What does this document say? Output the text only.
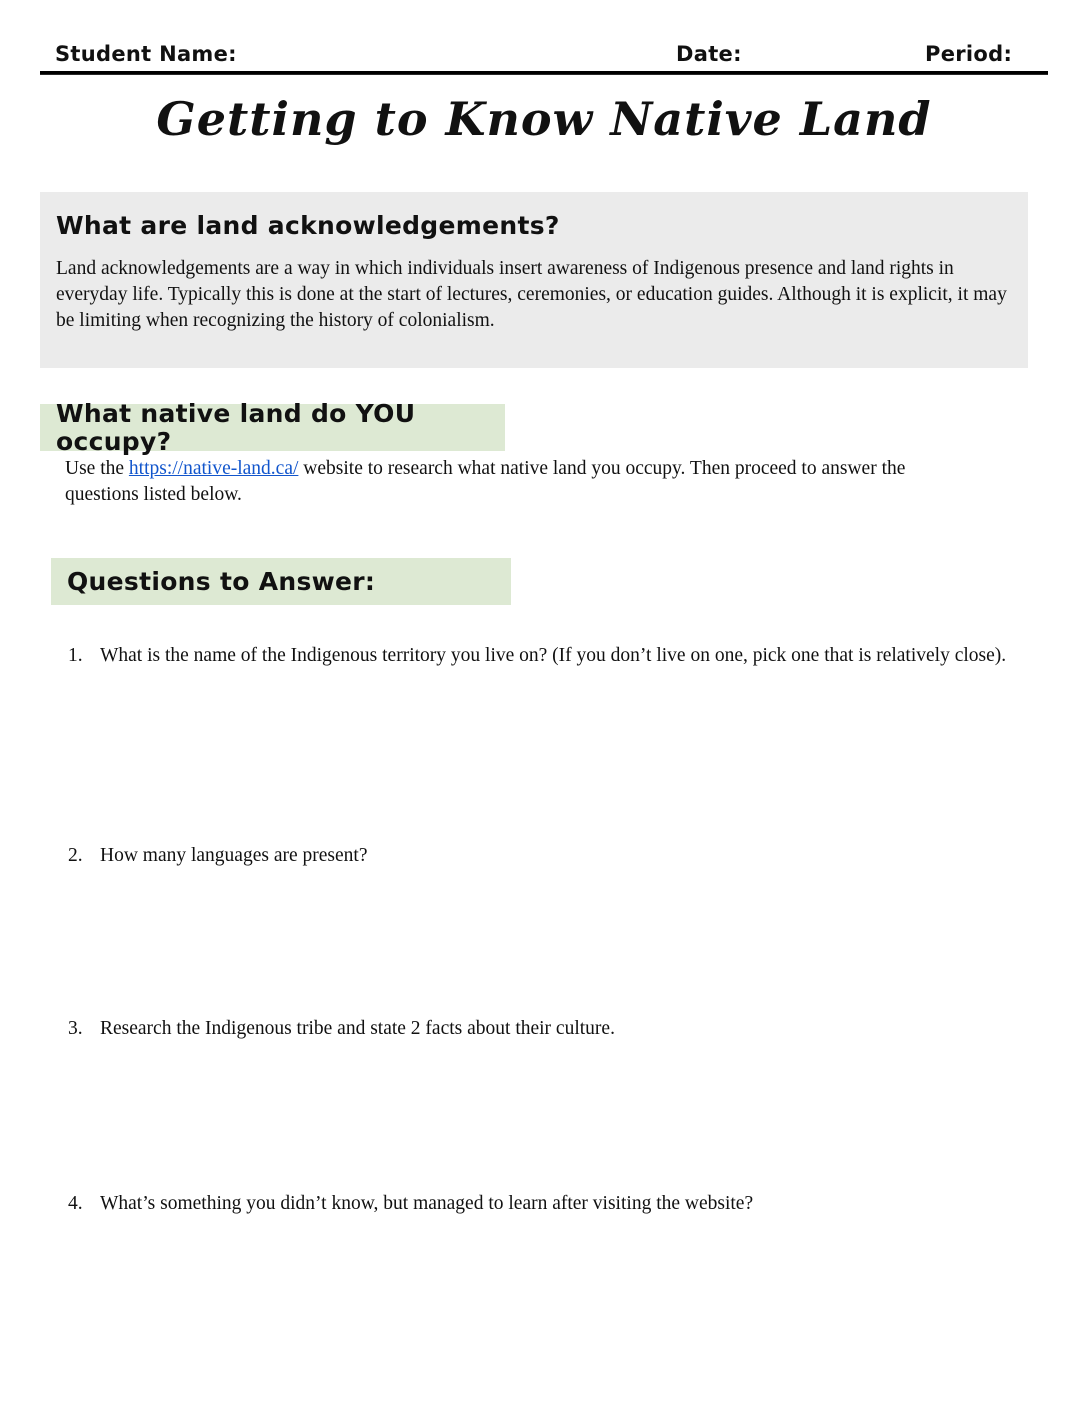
Student Name:	Date:	Period:
Getting to Know Native Land
What are land acknowledgements?
Land acknowledgements are a way in which individuals insert awareness of Indigenous presence and land rights in everyday life. Typically this is done at the start of lectures, ceremonies, or education guides. Although it is explicit, it may be limiting when recognizing the history of colonialism.
What native land do YOU occupy?
Use the https://native-land.ca/ website to research what native land you occupy. Then proceed to answer the questions listed below.
Questions to Answer:
1. What is the name of the Indigenous territory you live on? (If you don’t live on one, pick one that is relatively close).
2. How many languages are present?
3. Research the Indigenous tribe and state 2 facts about their culture.
4. What’s something you didn’t know, but managed to learn after visiting the website?
